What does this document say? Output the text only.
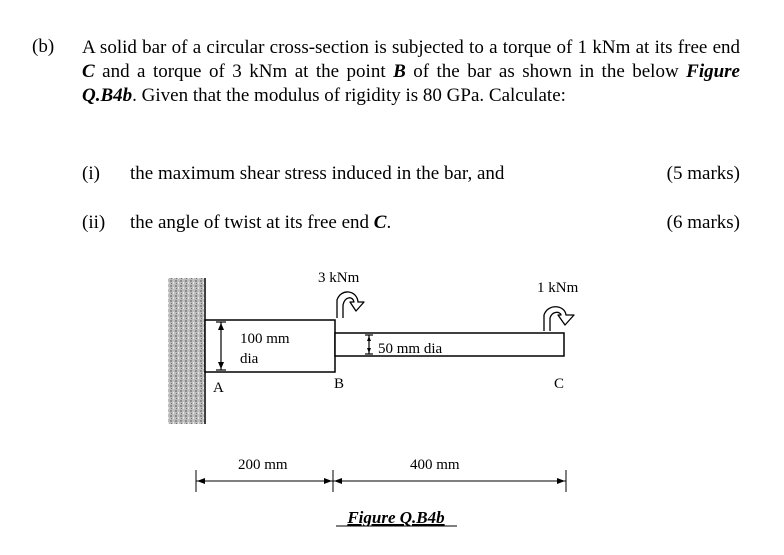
(b) A solid bar of a circular cross-section is subjected to a torque of 1 kNm at its free end C and a torque of 3 kNm at the point B of the bar as shown in the below Figure Q.B4b. Given that the modulus of rigidity is 80 GPa. Calculate:
(i) the maximum shear stress induced in the bar, and	(5 marks)
(ii) the angle of twist at its free end C.	(6 marks)
100 mm
dia
50 mm dia
3 kNm
1 kNm
A	B	C
200 mm	400 mm
Figure Q.B4b
